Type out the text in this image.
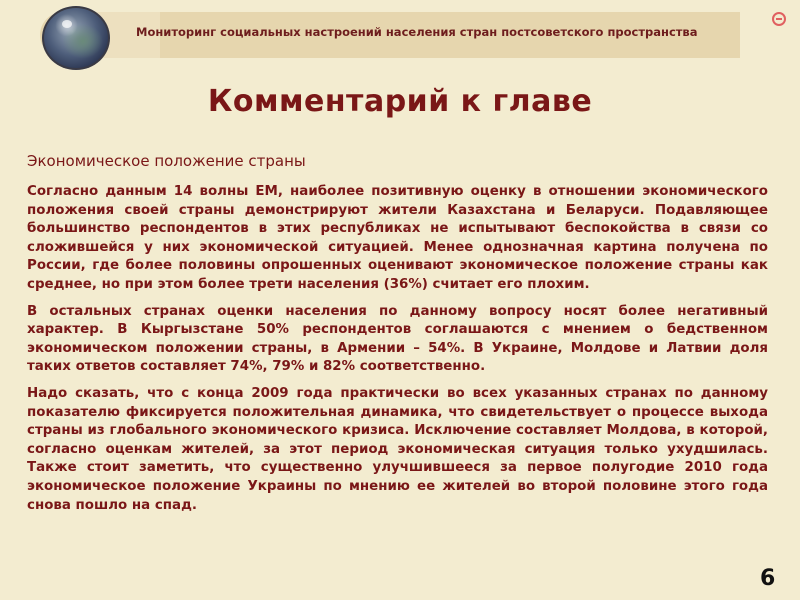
Мониторинг социальных настроений населения стран постсоветского пространства
Комментарий к главе
Экономическое положение страны

Согласно данным 14 волны ЕМ, наиболее позитивную оценку в отношении экономического положения своей страны демонстрируют жители Казахстана и Беларуси. Подавляющее большинство респондентов в этих республиках не испытывают беспокойства в связи со сложившейся у них экономической ситуацией. Менее однозначная картина получена по России, где более половины опрошенных оценивают экономическое положение страны как среднее, но при этом более трети населения (36%) считает его плохим.

В остальных странах оценки населения по данному вопросу носят более негативный характер. В Кыргызстане 50% респондентов соглашаются с мнением о бедственном экономическом положении страны, в Армении – 54%. В Украине, Молдове и Латвии доля таких ответов составляет 74%, 79% и 82% соответственно.

Надо сказать, что с конца 2009 года практически во всех указанных странах по данному показателю фиксируется положительная динамика, что свидетельствует о процессе выхода страны из глобального экономического кризиса. Исключение составляет Молдова, в которой, согласно оценкам жителей, за этот период экономическая ситуация только ухудшилась. Также стоит заметить, что существенно улучшившееся за первое полугодие 2010 года экономическое положение Украины по мнению ее жителей во второй половине этого года снова пошло на спад.

6
